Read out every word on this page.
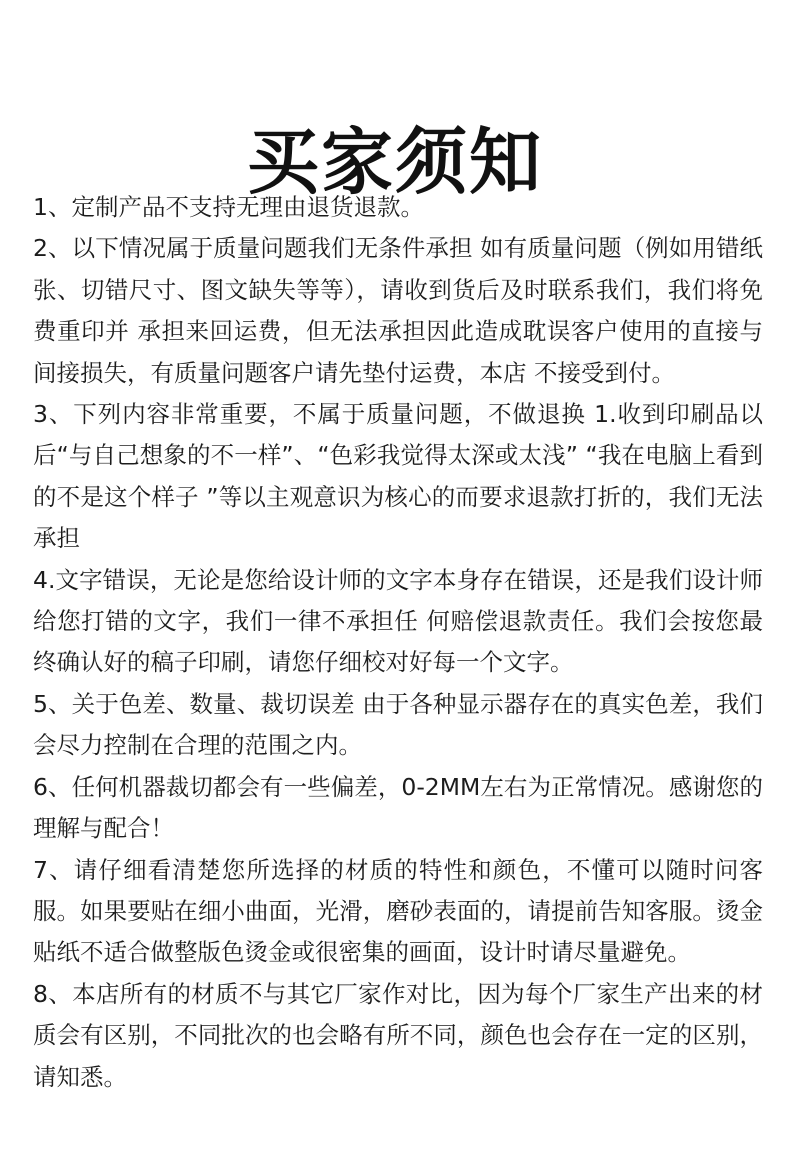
买家须知

1、定制产品不支持无理由退货退款。

2、以下情况属于质量问题我们无条件承担 如有质量问题（例如用错纸张、切错尺寸、图文缺失等等），请收到货后及时联系我们，我们将免费重印并 承担来回运费，但无法承担因此造成耽误客户使用的直接与间接损失，有质量问题客户请先垫付运费，本店 不接受到付。

3、下列内容非常重要，不属于质量问题，不做退换 1.收到印刷品以后“与自己想象的不一样”、“色彩我觉得太深或太浅” “我在电脑上看到的不是这个样子 ”等以主观意识为核心的而要求退款打折的，我们无法承担

4.文字错误，无论是您给设计师的文字本身存在错误，还是我们设计师给您打错的文字，我们一律不承担任 何赔偿退款责任。我们会按您最终确认好的稿子印刷，请您仔细校对好每一个文字。

5、关于色差、数量、裁切误差 由于各种显示器存在的真实色差，我们会尽力控制在合理的范围之内。

6、任何机器裁切都会有一些偏差，0-2MM左右为正常情况。感谢您的理解与配合！

7、请仔细看清楚您所选择的材质的特性和颜色，不懂可以随时问客服。如果要贴在细小曲面，光滑，磨砂表面的，请提前告知客服。烫金贴纸不适合做整版色烫金或很密集的画面，设计时请尽量避免。

8、本店所有的材质不与其它厂家作对比，因为每个厂家生产出来的材质会有区别，不同批次的也会略有所不同，颜色也会存在一定的区别，请知悉。
